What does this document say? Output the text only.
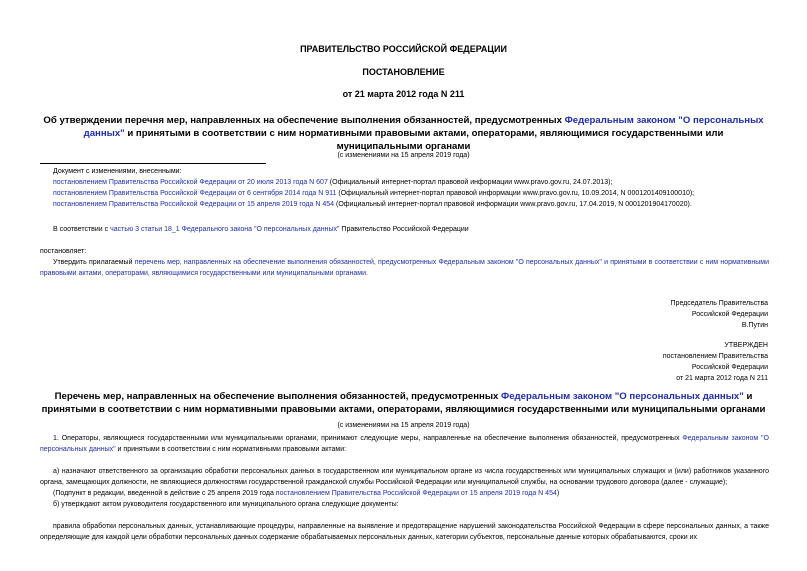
ПРАВИТЕЛЬСТВО РОССИЙСКОЙ ФЕДЕРАЦИИ
ПОСТАНОВЛЕНИЕ
от 21 марта 2012 года N 211
Об утверждении перечня мер, направленных на обеспечение выполнения обязанностей, предусмотренных Федеральным законом "О персональных данных" и принятыми в соответствии с ним нормативными правовыми актами, операторами, являющимися государственными или муниципальными органами
(с изменениями на 15 апреля 2019 года)
Документ с изменениями, внесенными:
постановлением Правительства Российской Федерации от 20 июля 2013 года N 607 (Официальный интернет-портал правовой информации www.pravo.gov.ru, 24.07.2013);
постановлением Правительства Российской Федерации от 6 сентября 2014 года N 911 (Официальный интернет-портал правовой информации www.pravo.gov.ru, 10.09.2014, N 0001201409100010);
постановлением Правительства Российской Федерации от 15 апреля 2019 года N 454 (Официальный интернет-портал правовой информации www.pravo.gov.ru, 17.04.2019, N 0001201904170020).
В соответствии с частью 3 статьи 18_1 Федерального закона "О персональных данных" Правительство Российской Федерации
постановляет:
Утвердить прилагаемый перечень мер, направленных на обеспечение выполнения обязанностей, предусмотренных Федеральным законом "О персональных данных" и принятыми в соответствии с ним нормативными правовыми актами, операторами, являющимися государственными или муниципальными органами.
Председатель Правительства
Российской Федерации
В.Путин
УТВЕРЖДЕН
постановлением Правительства
Российской Федерации
от 21 марта 2012 года N 211
Перечень мер, направленных на обеспечение выполнения обязанностей, предусмотренных Федеральным законом "О персональных данных" и принятыми в соответствии с ним нормативными правовыми актами, операторами, являющимися государственными или муниципальными органами
(с изменениями на 15 апреля 2019 года)

1. Операторы, являющиеся государственными или муниципальными органами, принимают следующие меры, направленные на обеспечение выполнения обязанностей, предусмотренных Федеральным законом "О персональных данных" и принятыми в соответствии с ним нормативными правовыми актами:

а) назначают ответственного за организацию обработки персональных данных в государственном или муниципальном органе из числа государственных или муниципальных служащих и (или) работников указанного органа, замещающих должности, не являющиеся должностями государственной гражданской службы Российской Федерации или муниципальной службы, на основании трудового договора (далее - служащие);

(Подпункт в редакции, введенной в действие с 25 апреля 2019 года постановлением Правительства Российской Федерации от 15 апреля 2019 года N 454)

б) утверждают актом руководителя государственного или муниципального органа следующие документы:

правила обработки персональных данных, устанавливающие процедуры, направленные на выявление и предотвращение нарушений законодательства Российской Федерации в сфере персональных данных, а также определяющие для каждой цели обработки персональных данных содержание обрабатываемых персональных данных, категории субъектов, персональные данные которых обрабатываются, сроки их
